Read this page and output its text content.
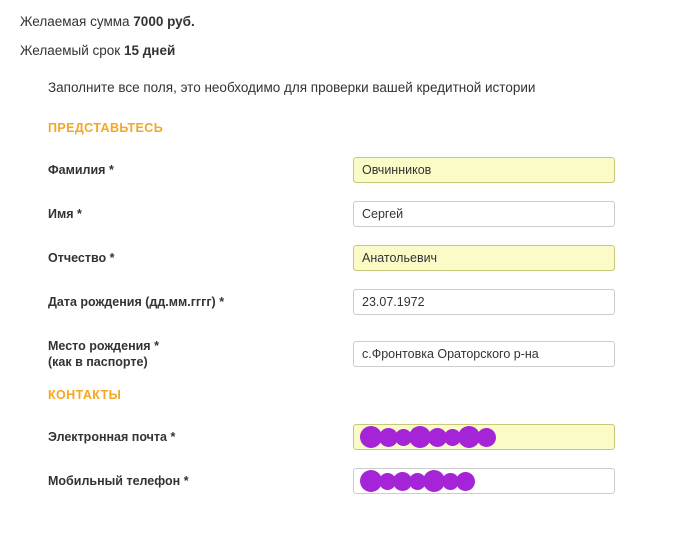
Желаемая сумма 7000 руб.
Желаемый срок 15 дней
Заполните все поля, это необходимо для проверки вашей кредитной истории
ПРЕДСТАВЬТЕСЬ
Фамилия *
Овчинников
Имя *
Сергей
Отчество *
Анатольевич
Дата рождения (дд.мм.гггг) *
23.07.1972
Место рождения *
(как в паспорте)
с.Фронтовка Ораторского р-на
КОНТАКТЫ
Электронная почта *
Мобильный телефон *
89375052257
